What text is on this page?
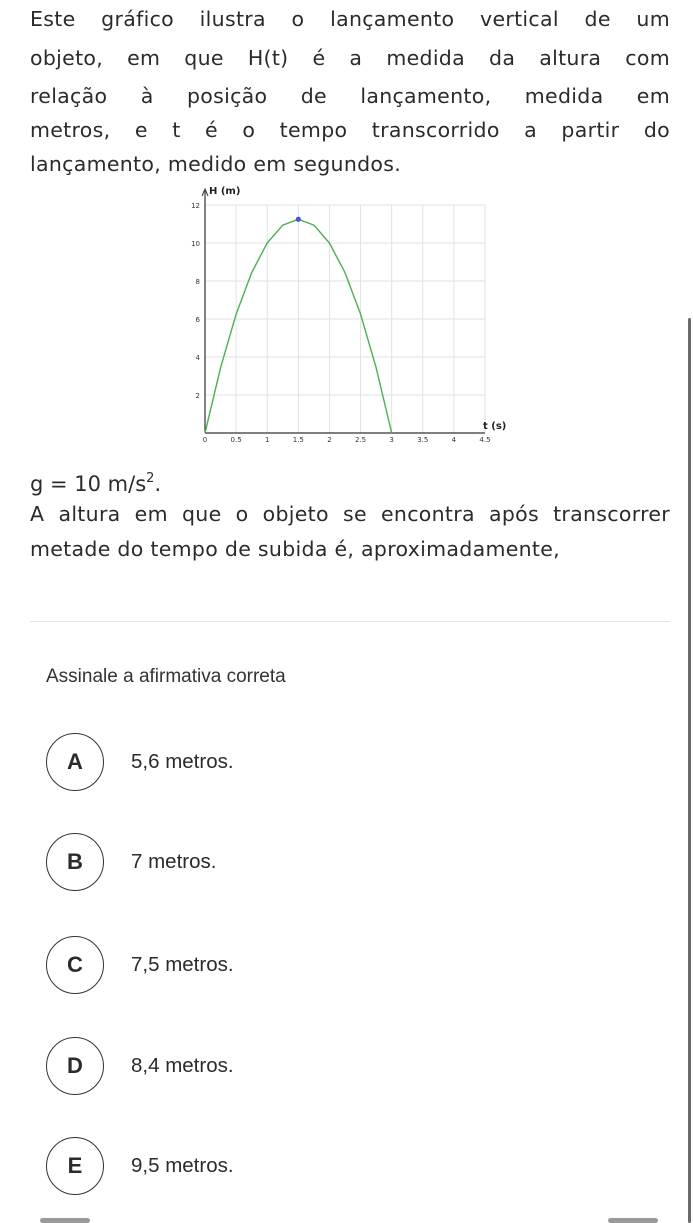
Este gráfico ilustra o lançamento vertical de um
objeto, em que H(t) é a medida da altura com
relação à posição de lançamento, medida em
metros, e t é o tempo transcorrido a partir do
lançamento, medido em segundos.
0	0.5	1	1.5	2	2.5	3	3.5	4	4.5
2
4
6
8
10
12
H (m)
t (s)
g = 10 $m/s^2$.
A altura em que o objeto se encontra após transcorrer metade do tempo de subida é, aproximadamente,
Assinale a afirmativa correta
A	5,6 metros.
B	7 metros.
C	7,5 metros.
D	8,4 metros.
E	9,5 metros.
